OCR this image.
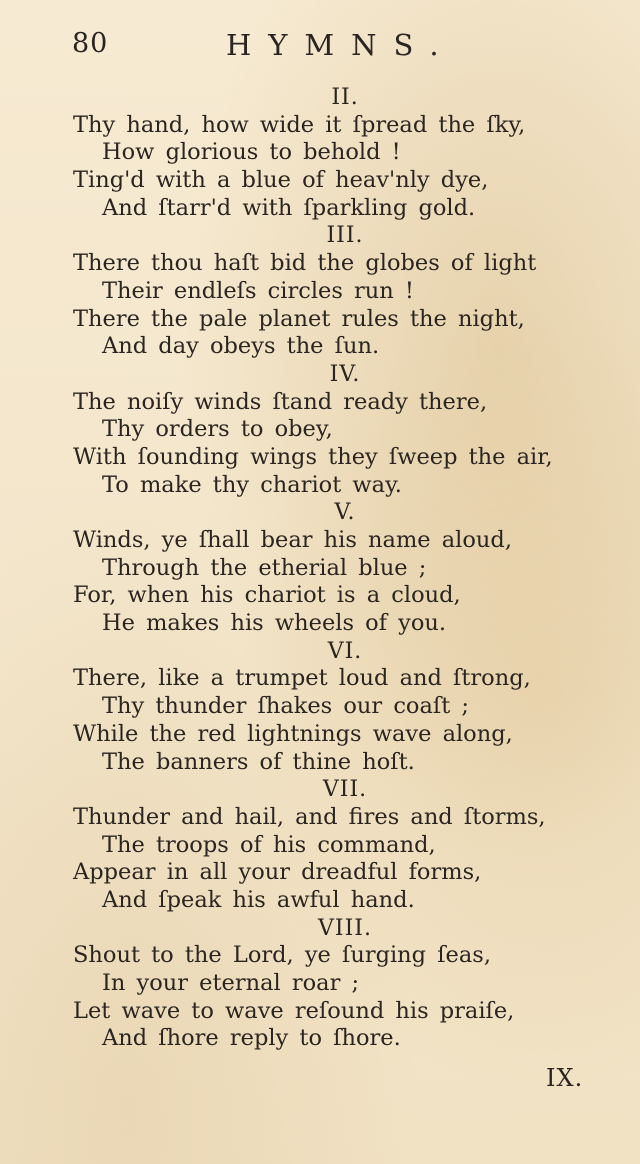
80	HYMNS.
II.
Thy hand, how wide it ſpread the ſky,
How glorious to behold !
Ting'd with a blue of heav'nly dye,
And ſtarr'd with ſparkling gold.
III.
There thou haſt bid the globes of light
Their endleſs circles run !
There the pale planet rules the night,
And day obeys the ſun.
IV.
The noiſy winds ſtand ready there,
Thy orders to obey,
With ſounding wings they ſweep the air,
To make thy chariot way.
V.
Winds, ye ſhall bear his name aloud,
Through the etherial blue ;
For, when his chariot is a cloud,
He makes his wheels of you.
VI.
There, like a trumpet loud and ſtrong,
Thy thunder ſhakes our coaſt ;
While the red lightnings wave along,
The banners of thine hoſt.
VII.
Thunder and hail, and fires and ſtorms,
The troops of his command,
Appear in all your dreadful forms,
And ſpeak his awful hand.
VIII.
Shout to the Lord, ye ſurging ſeas,
In your eternal roar ;
Let wave to wave reſound his praiſe,
And ſhore reply to ſhore.
IX.
